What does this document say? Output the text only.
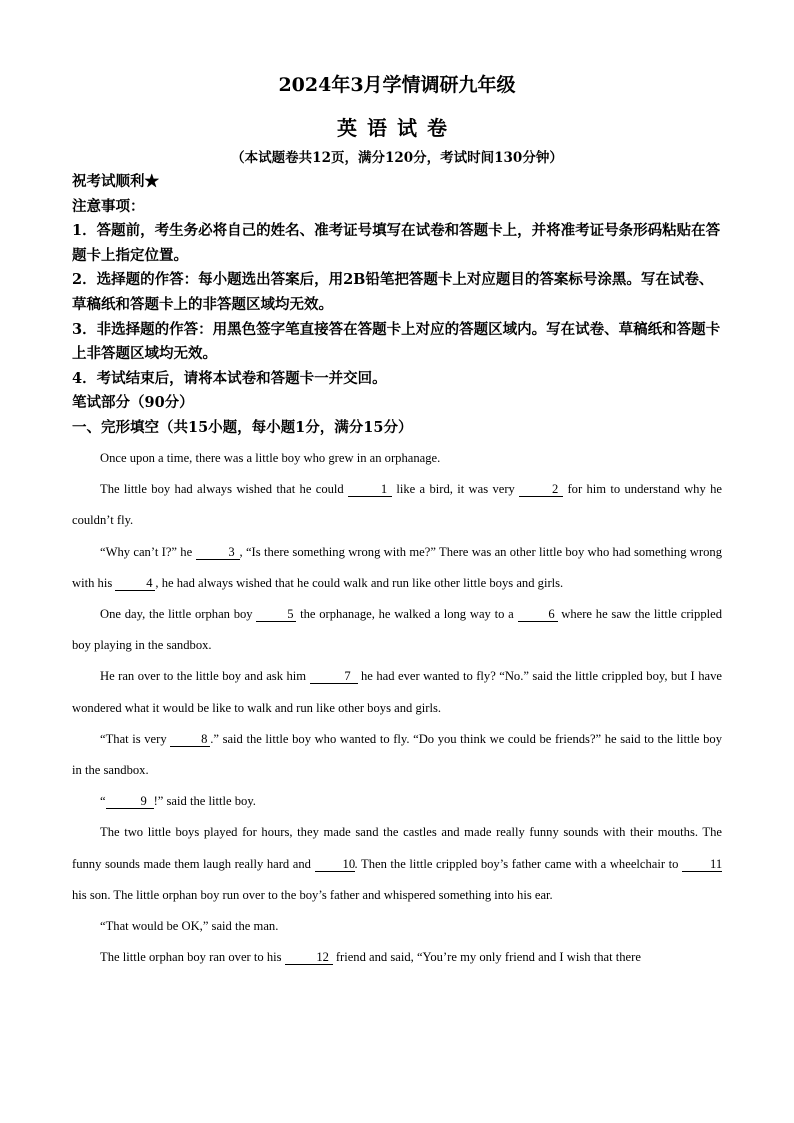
2024年3月学情调研九年级
英语试卷
（本试题卷共12页，满分120分，考试时间130分钟）

祝考试顺利★

注意事项：

1．答题前，考生务必将自己的姓名、准考证号填写在试卷和答题卡上，并将准考证号条形码粘贴在答题卡上指定位置。

2．选择题的作答：每小题选出答案后，用2B铅笔把答题卡上对应题目的答案标号涂黑。写在试卷、草稿纸和答题卡上的非答题区域均无效。

3．非选择题的作答：用黑色签字笔直接答在答题卡上对应的答题区域内。写在试卷、草稿纸和答题卡上非答题区域均无效。

4．考试结束后，请将本试卷和答题卡一并交回。

笔试部分（90分）

一、完形填空（共15小题，每小题1分，满分15分）

Once upon a time, there was a little boy who grew in an orphanage.

The little boy had always wished that he could	1 like a bird, it was very	2 for him to understand why he couldn’t fly.

“Why can’t I?” he	3 , “Is there something wrong with me?” There was an other little boy who had something wrong with his 4 , he had always wished that he could walk and run like other little boys and girls.

One day, the little orphan boy 5 the orphanage, he walked a long way to a 6 where he saw the little crippled boy playing in the sandbox.

He ran over to the little boy and ask him	7 he had ever wanted to fly? “No.” said the little crippled boy, but I have wondered what it would be like to walk and run like other boys and girls.

“That is very 8 .” said the little boy who wanted to fly. “Do you think we could be friends?” he said to the little boy in the sandbox.

“	9 !” said the little boy.

The two little boys played for hours, they made sand the castles and made really funny sounds with their mouths. The funny sounds made them laugh really hard and 10. Then the little crippled boy’s father came with a wheelchair to 11 his son. The little orphan boy run over to the boy’s father and whispered something into his ear.

“That would be OK,” said the man.

The little orphan boy ran over to his	12 friend and said, “You’re my only friend and I wish that there
